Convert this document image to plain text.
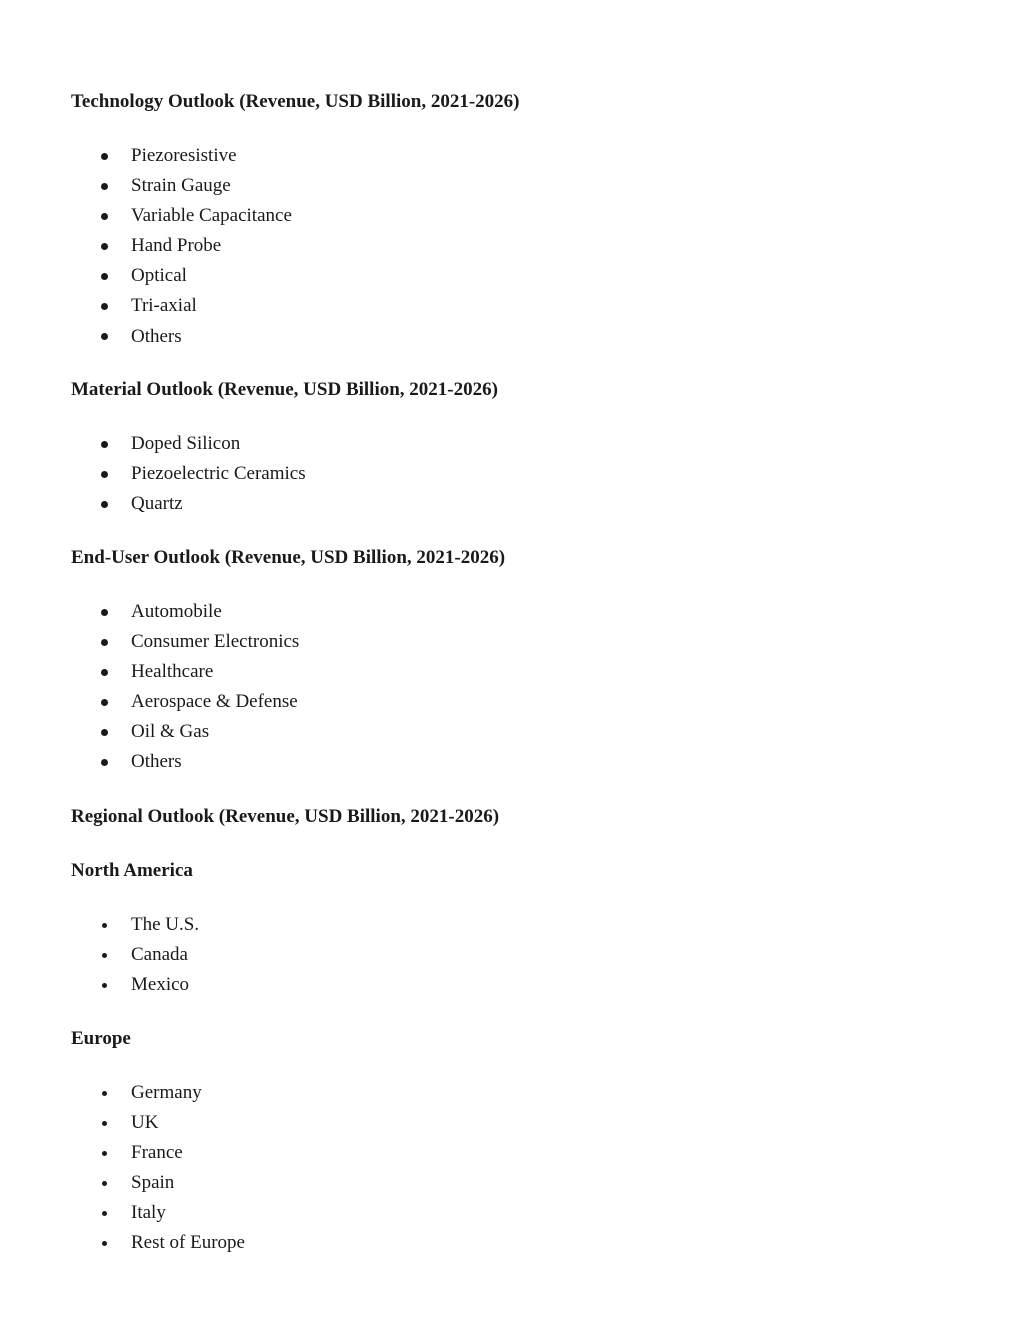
Technology Outlook (Revenue, USD Billion, 2021-2026)
Piezoresistive
Strain Gauge
Variable Capacitance
Hand Probe
Optical
Tri-axial
Others
Material Outlook (Revenue, USD Billion, 2021-2026)
Doped Silicon
Piezoelectric Ceramics
Quartz
End-User Outlook (Revenue, USD Billion, 2021-2026)
Automobile
Consumer Electronics
Healthcare
Aerospace & Defense
Oil & Gas
Others
Regional Outlook (Revenue, USD Billion, 2021-2026)
North America
The U.S.
Canada
Mexico
Europe
Germany
UK
France
Spain
Italy
Rest of Europe
